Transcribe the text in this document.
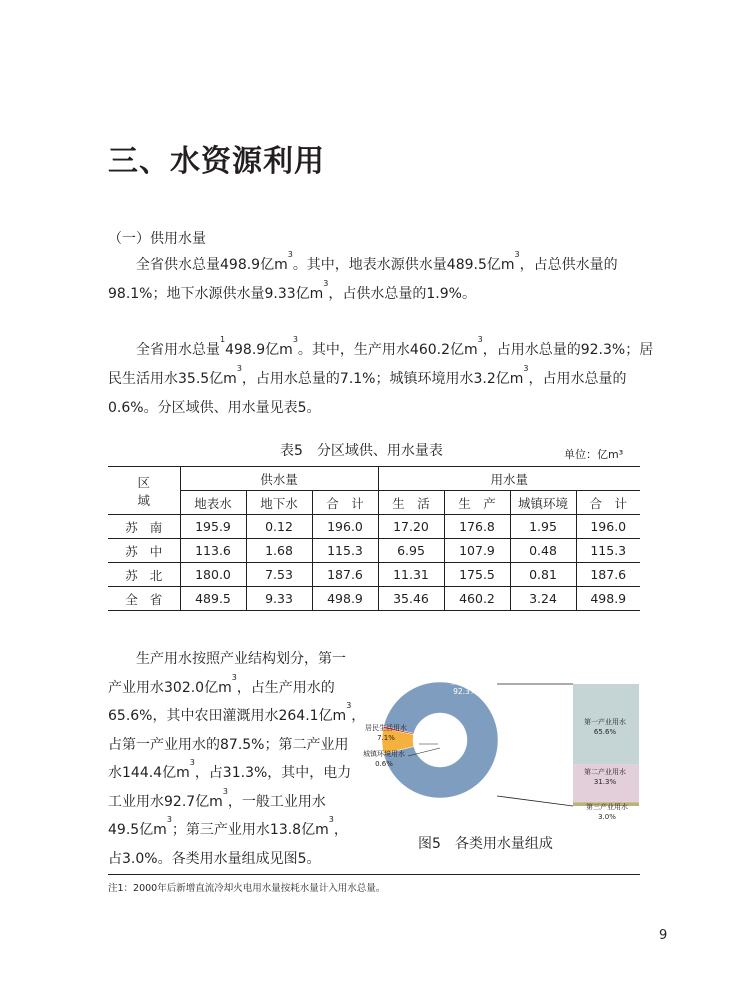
三、水资源利用
（一）供用水量
全省供水总量498.9亿$m^3$。其中，地表水源供水量489.5亿$m^3$，占总供水量的
98.1%；地下水源供水量9.33亿$m^3$，占供水总量的1.9%。
全省用水总量$^1$498.9亿$m^3$。其中，生产用水460.2亿$m^3$，占用水总量的92.3%；居
民生活用水35.5亿$m^3$，占用水总量的7.1%；城镇环境用水3.2亿$m^3$，占用水总量的
0.6%。分区域供、用水量见表5。
表5　分区域供、用水量表	单位：亿m³
区　域	供水量			用水量			
	地表水	地下水	合　计	生　活	生　产	城镇环境	合　计
苏南	195.9	0.12	196.0	17.20	176.8	1.95	196.0
苏中	113.6	1.68	115.3	6.95	107.9	0.48	115.3
苏北	180.0	7.53	187.6	11.31	175.5	0.81	187.6
全省	489.5	9.33	498.9	35.46	460.2	3.24	498.9
生产用水按照产业结构划分，第一
产业用水302.0亿$m^3$，占生产用水的
65.6%，其中农田灌溉用水264.1亿$m^3$，
占第一产业用水的87.5%；第二产业用
水144.4亿$m^3$，占31.3%，其中，电力
工业用水92.7亿$m^3$，一般工业用水
49.5亿$m^3$；第三产业用水13.8亿$m^3$，
占3.0%。各类用水量组成见图5。
生产用水
92.3%
居民生活用水
7.1%
城镇环境用水
0.6%
第一产业用水
65.6%
第二产业用水
31.3%
第三产业用水
3.0%
图5　各类用水量组成
注1：2000年后新增直流冷却火电用水量按耗水量计入用水总量。
9
